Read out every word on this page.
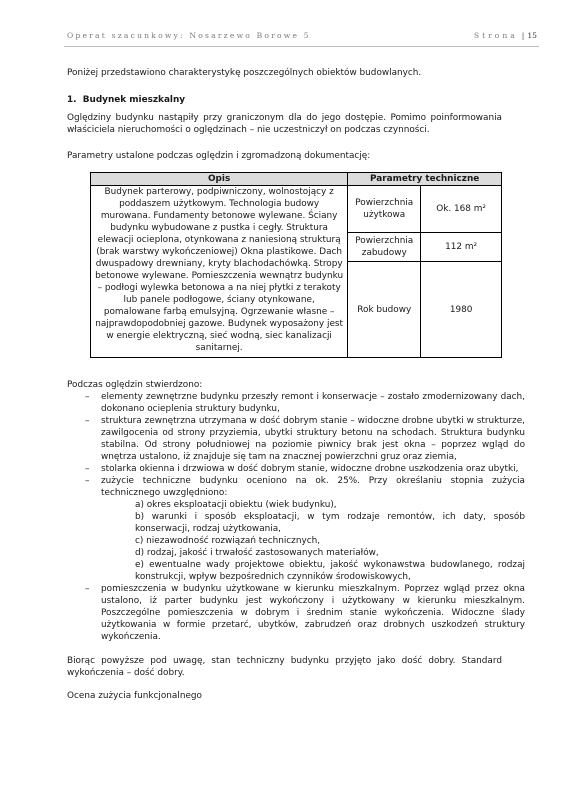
Operat szacunkowy: Nosarzewo Borowe 5	Strona | 15
Poniżej przedstawiono charakterystykę poszczególnych obiektów budowlanych.
1. Budynek mieszkalny
Oględziny budynku nastąpiły przy graniczonym dla do jego dostępie. Pomimo poinformowania właściciela nieruchomości o oględzinach – nie uczestniczył on podczas czynności.
Parametry ustalone podczas oględzin i zgromadzoną dokumentację:
Opis	Parametry techniczne	
Budynek parterowy, podpiwniczony, wolnostojący z poddaszem użytkowym. Technologia budowy murowana. Fundamenty betonowe wylewane. Ściany budynku wybudowane z pustka i cegły. Struktura elewacji ocieplona, otynkowana z naniesioną strukturą (brak warstwy wykończeniowej) Okna plastikowe. Dach dwuspadowy drewniany, kryty blachodachówką. Stropy betonowe wylewane. Pomieszczenia wewnątrz budynku – podłogi wylewka betonowa a na niej płytki z terakoty lub panele podłogowe, ściany otynkowane, pomalowane farbą emulsyjną. Ogrzewanie własne – najprawdopodobniej gazowe. Budynek wyposażony jest w energie elektryczną, sieć wodną, siec kanalizacji sanitarnej.	Powierzchnia użytkowa	Ok. 168 m²
	Powierzchnia zabudowy	112 m²
	Rok budowy	1980
Podczas oględzin stwierdzono:
– elementy zewnętrzne budynku przeszły remont i konserwacje – zostało zmodernizowany dach, dokonano ocieplenia struktury budynku,
– struktura zewnętrzna utrzymana w dość dobrym stanie – widoczne drobne ubytki w strukturze, zawilgocenia od strony przyziemia, ubytki struktury betonu na schodach. Struktura budynku stabilna. Od strony południowej na poziomie piwnicy brak jest okna – poprzez wgląd do wnętrza ustalono, iż znajduje się tam na znacznej powierzchni gruz oraz ziemia,
– stolarka okienna i drzwiowa w dość dobrym stanie, widoczne drobne uszkodzenia oraz ubytki,
– zużycie techniczne budynku oceniono na ok. 25%. Przy określaniu stopnia zużycia technicznego uwzględniono:
a) okres eksploatacji obiektu (wiek budynku),
b) warunki i sposób eksploatacji, w tym rodzaje remontów, ich daty, sposób konserwacji, rodzaj użytkowania,
c) niezawodność rozwiązań technicznych,
d) rodzaj, jakość i trwałość zastosowanych materiałów,
e) ewentualne wady projektowe obiektu, jakość wykonawstwa budowlanego, rodzaj konstrukcji, wpływ bezpośrednich czynników środowiskowych,
– pomieszczenia w budynku użytkowane w kierunku mieszkalnym. Poprzez wgląd przez okna ustalono, iż parter budynku jest wykończony i użytkowany w kierunku mieszkalnym. Poszczególne pomieszczenia w dobrym i średnim stanie wykończenia. Widoczne ślady użytkowania w formie przetarć, ubytków, zabrudzeń oraz drobnych uszkodzeń struktury wykończenia.
Biorąc powyższe pod uwagę, stan techniczny budynku przyjęto jako dość dobry. Standard wykończenia – dość dobry.
Ocena zużycia funkcjonalnego
